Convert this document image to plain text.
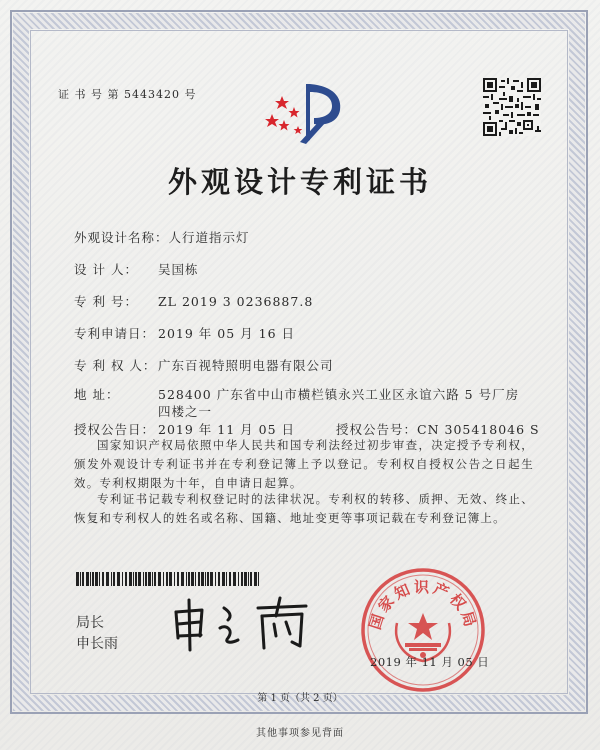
证 书 号 第 5443420 号
外观设计专利证书
外观设计名称：人行道指示灯
设 计 人： 吴国栋
专 利 号： ZL 2019 3 0236887.8
专利申请日： 2019 年 05 月 16 日
专 利 权 人： 广东百视特照明电器有限公司
地 址：	528400 广东省中山市横栏镇永兴工业区永谊六路 5 号厂房
四楼之一
授权公告日： 2019 年 11 月 05 日	授权公告号：CN 305418046 S
国家知识产权局依照中华人民共和国专利法经过初步审查，决定授予专利权，颁发外观设计专利证书并在专利登记簿上予以登记。专利权自授权公告之日起生效。专利权期限为十年，自申请日起算。
专利证书记载专利权登记时的法律状况。专利权的转移、质押、无效、终止、恢复和专利权人的姓名或名称、国籍、地址变更等事项记载在专利登记簿上。
局长
申长雨
国家知识产权局
2019 年 11 月 05 日
第 1 页（共 2 页）
其他事项参见背面
